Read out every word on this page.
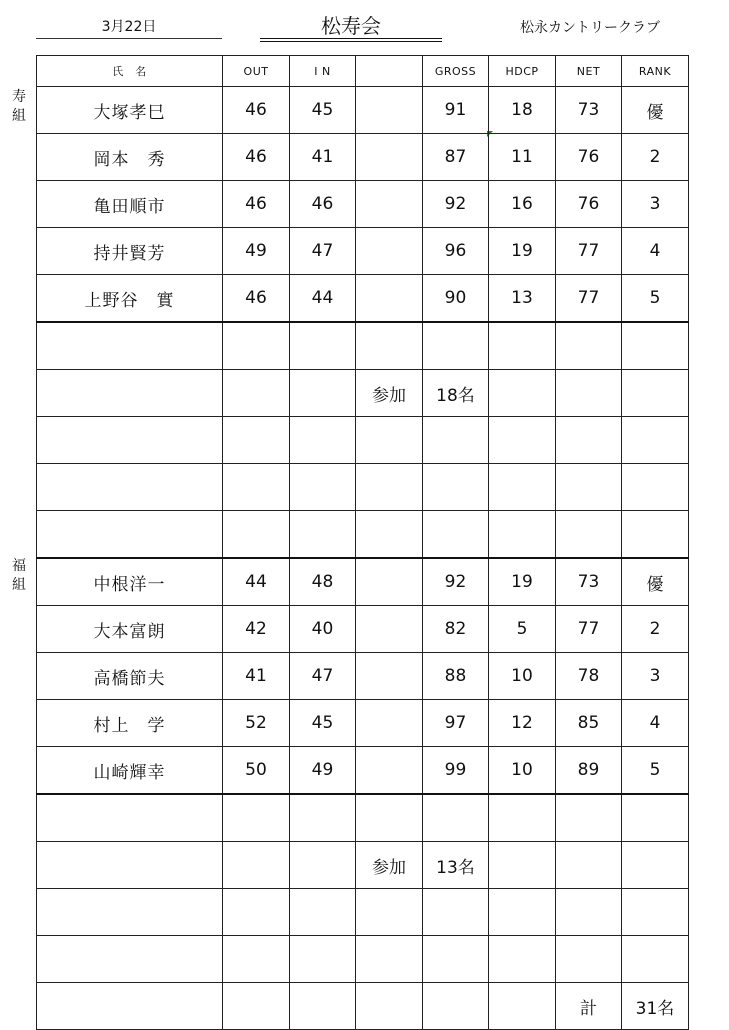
3月22日	松寿会	松永カントリークラブ
寿
組
福
組
氏　名	OUT	I N		GROSS	HDCP	NET	RANK
大塚孝巳	46	45		91	18	73	優
岡本　秀	46	41		87	11	76	2
亀田順市	46	46		92	16	76	3
持井賢芳	49	47		96	19	77	4
上野谷　實	46	44		90	13	77	5

			参加	18名			

中根洋一	44	48		92	19	73	優
大本富朗	42	40		82	5	77	2
高橋節夫	41	47		88	10	78	3
村上　学	52	45		97	12	85	4
山崎輝幸	50	49		99	10	89	5

			参加	13名			

						計	31名
